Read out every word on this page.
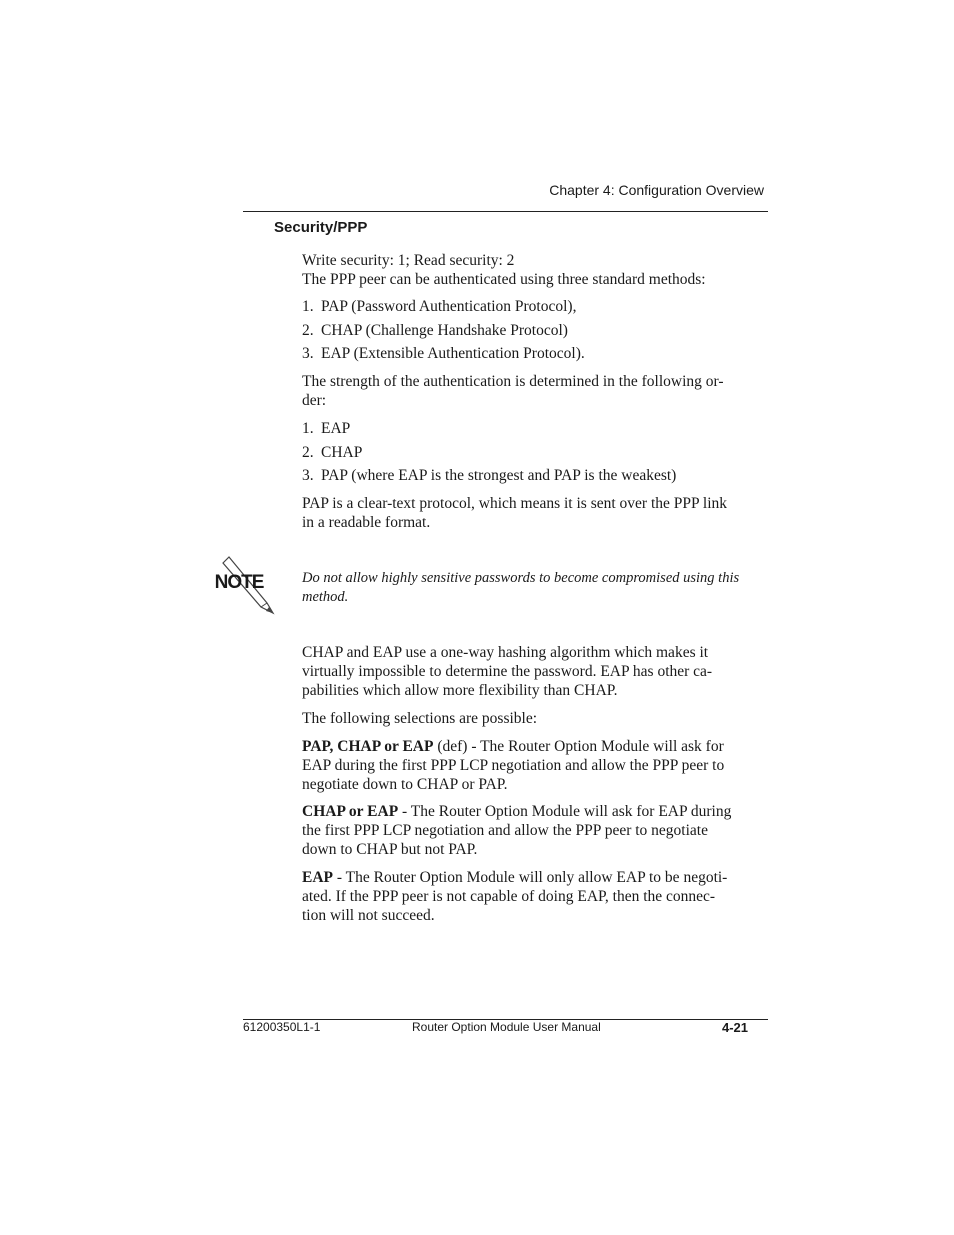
Chapter 4: Configuration Overview
Security/PPP

Write security: 1; Read security: 2

The PPP peer can be authenticated using three standard methods:

1. PAP (Password Authentication Protocol),
2. CHAP (Challenge Handshake Protocol)
3. EAP (Extensible Authentication Protocol).

The strength of the authentication is determined in the following or-

der:

1. EAP
2. CHAP
3. PAP (where EAP is the strongest and PAP is the weakest)

PAP is a clear-text protocol, which means it is sent over the PPP link

in a readable format.

NOTE	Do not allow highly sensitive passwords to become compromised using this

method.

CHAP and EAP use a one-way hashing algorithm which makes it

virtually impossible to determine the password. EAP has other ca-

pabilities which allow more flexibility than CHAP.

The following selections are possible:

PAP, CHAP or EAP (def) - The Router Option Module will ask for

EAP during the first PPP LCP negotiation and allow the PPP peer to

negotiate down to CHAP or PAP.

CHAP or EAP - The Router Option Module will ask for EAP during

the first PPP LCP negotiation and allow the PPP peer to negotiate

down to CHAP but not PAP.

EAP - The Router Option Module will only allow EAP to be negoti-

ated. If the PPP peer is not capable of doing EAP, then the connec-

tion will not succeed.

61200350L1-1	Router Option Module User Manual	4-21
